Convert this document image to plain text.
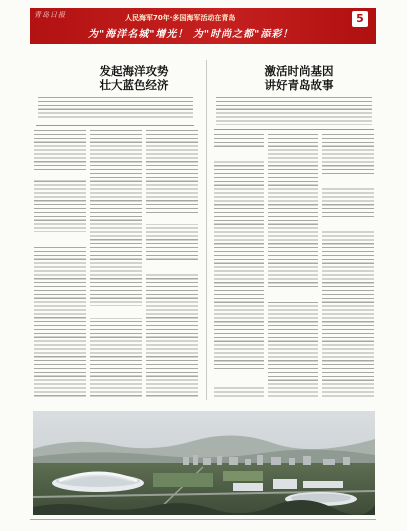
青岛日报	人民海军70年·多国海军活动在青岛
为"海洋名城"增光！ 为"时尚之都"添彩！
5
发起海洋攻势
壮大蓝色经济
激活时尚基因
讲好青岛故事
